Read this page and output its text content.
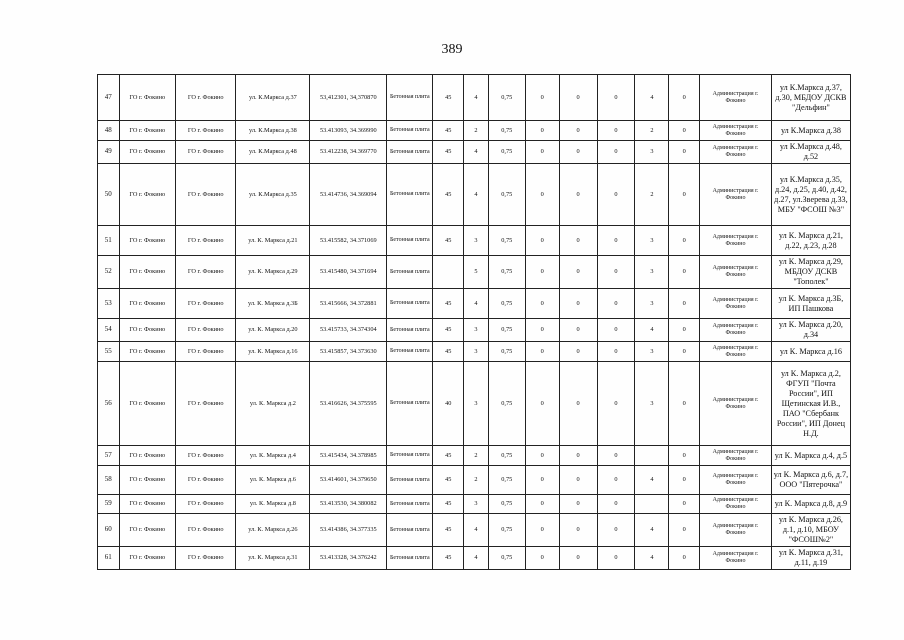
389
47	ГО г. Фокино	ГО г. Фокино	ул. К.Маркса д.37	53,412301, 34,370870	Бетонная плита	45	4	0,75	0	0	0	4	0	Администрация г. Фокино	ул К.Маркса д.37, д.30, МБДОУ ДСКВ "Дельфин"
48	ГО г. Фокино	ГО г. Фокино	ул. К.Маркса д.38	53.413093, 34.369990	Бетонная плита	45	2	0,75	0	0	0	2	0	Администрация г. Фокино	ул К.Маркса д.38
49	ГО г. Фокино	ГО г. Фокино	ул. К.Маркса д.48	53.412238, 34.369770	Бетонная плита	45	4	0,75	0	0	0	3	0	Администрация г. Фокино	ул К.Маркса д.48, д.52
50	ГО г. Фокино	ГО г. Фокино	ул. К.Маркса д.35	53.414736, 34.369094	Бетонная плита	45	4	0,75	0	0	0	2	0	Администрация г. Фокино	ул К.Маркса д.35, д.24, д.25, д.40, д.42, д.27, ул.Зверева д.33, МБУ "ФСОШ №3"
51	ГО г. Фокино	ГО г. Фокино	ул. К. Маркса д.21	53.415582, 34.371069	Бетонная плита	45	3	0,75	0	0	0	3	0	Администрация г. Фокино	ул К. Маркса д.21, д.22, д.23, д.28
52	ГО г. Фокино	ГО г. Фокино	ул. К. Маркса д.29	53.415480, 34.371694	Бетонная плита		5	0,75	0	0	0	3	0	Администрация г. Фокино	ул К. Маркса д.29, МБДОУ ДСКВ "Тополек"
53	ГО г. Фокино	ГО г. Фокино	ул. К. Маркса д.3Б	53.415666, 34.372881	Бетонная плита	45	4	0,75	0	0	0	3	0	Администрация г. Фокино	ул К. Маркса д.3Б, ИП Пашкова
54	ГО г. Фокино	ГО г. Фокино	ул. К. Маркса д.20	53.415733, 34.374304	Бетонная плита	45	3	0,75	0	0	0	4	0	Администрация г. Фокино	ул К. Маркса д.20, д.34
55	ГО г. Фокино	ГО г. Фокино	ул. К. Маркса д.16	53.415857, 34.373630	Бетонная плита	45	3	0,75	0	0	0	3	0	Администрация г. Фокино	ул К. Маркса д.16
56	ГО г. Фокино	ГО г. Фокино	ул. К. Маркса д.2	53.416626, 34.375595	Бетонная плита	40	3	0,75	0	0	0	3	0	Администрация г. Фокино	ул К. Маркса д.2, ФГУП "Почта России", ИП Щетинская И.В., ПАО "Сбербанк России", ИП Донец Н.Д.
57	ГО г. Фокино	ГО г. Фокино	ул. К. Маркса д.4	53.415434, 34.378985	Бетонная плита	45	2	0,75	0	0	0		0	Администрация г. Фокино	ул К. Маркса д.4, д.5
58	ГО г. Фокино	ГО г. Фокино	ул. К. Маркса д.6	53.414601, 34.379650	Бетонная плита	45	2	0,75	0	0	0	4	0	Администрация г. Фокино	ул К. Маркса д.6, д.7, ООО "Пятерочка"
59	ГО г. Фокино	ГО г. Фокино	ул. К. Маркса д.8	53.413530, 34.380082	Бетонная плита	45	3	0,75	0	0	0		0	Администрация г. Фокино	ул К. Маркса д.8, д.9
60	ГО г. Фокино	ГО г. Фокино	ул. К. Маркса д.26	53.414386, 34.377335	Бетонная плита	45	4	0,75	0	0	0	4	0	Администрация г. Фокино	ул К. Маркса д.26, д.1, д.10, МБОУ "ФСОШ№2"
61	ГО г. Фокино	ГО г. Фокино	ул. К. Маркса д.31	53.413328, 34.376242	Бетонная плита	45	4	0,75	0	0	0	4	0	Администрация г. Фокино	ул К. Маркса д.31, д.11, д.19
